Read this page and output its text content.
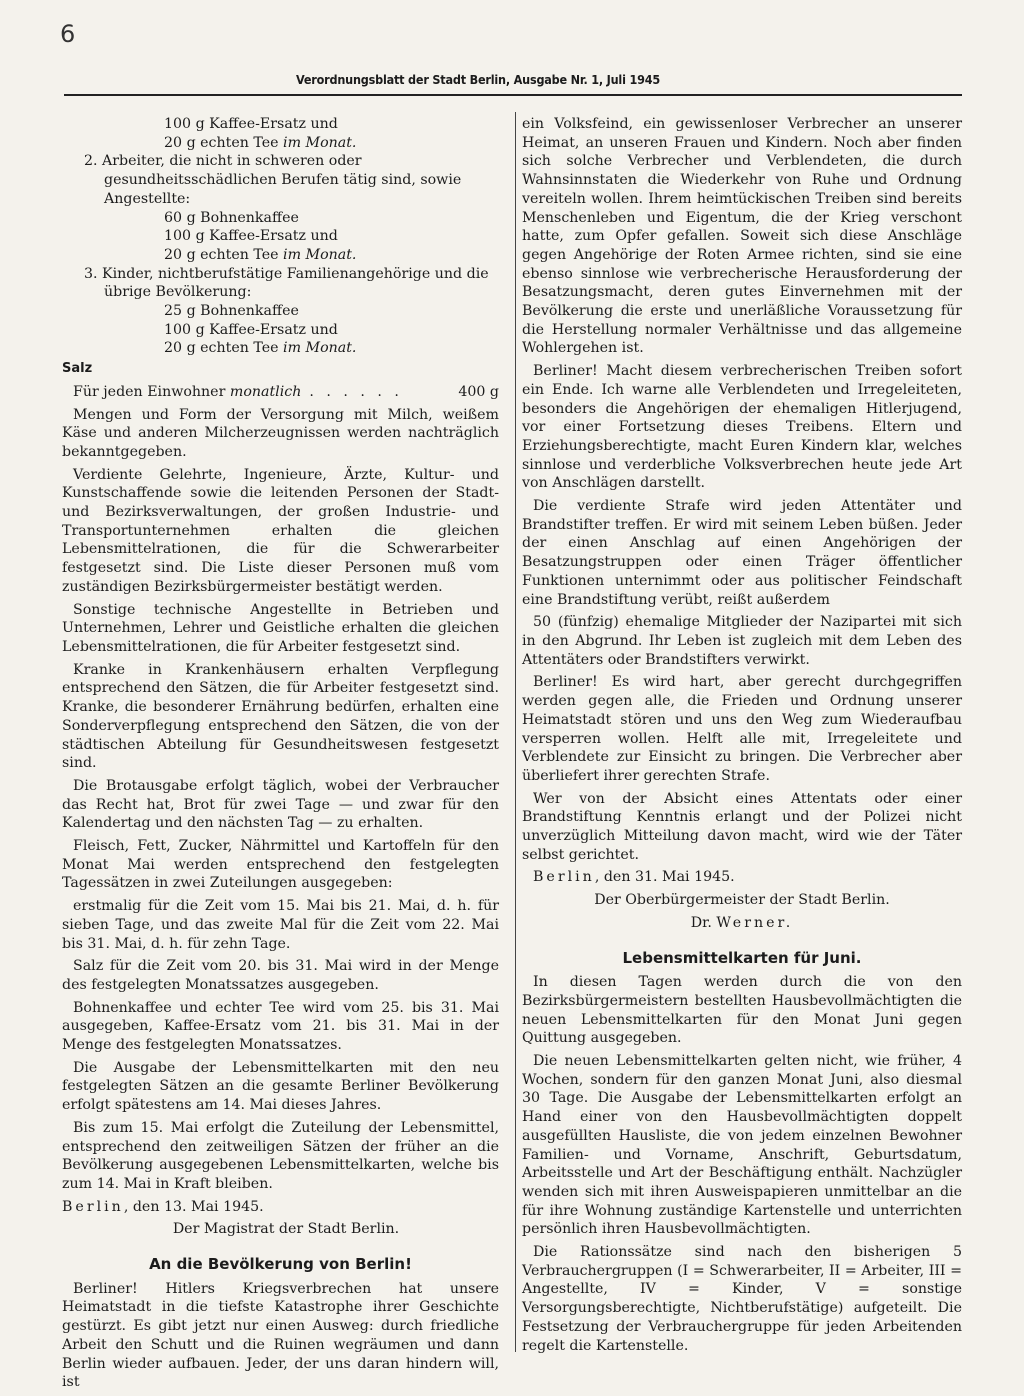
6
Verordnungsblatt der Stadt Berlin, Ausgabe Nr. 1, Juli 1945

100 g Kaffee-Ersatz und

20 g echten Tee im Monat.

2. Arbeiter, die nicht in schweren oder gesundheitsschädlichen Berufen tätig sind, sowie Angestellte:

60 g Bohnenkaffee

100 g Kaffee-Ersatz und

20 g echten Tee im Monat.

3. Kinder, nichtberufstätige Familienangehörige und die übrige Bevölkerung:

25 g Bohnenkaffee

100 g Kaffee-Ersatz und

20 g echten Tee im Monat.

Salz
Für jeden Einwohner monatlich . . . . . .	400 g

Mengen und Form der Versorgung mit Milch, weißem Käse und anderen Milcherzeugnissen werden nachträglich bekanntgegeben.

Verdiente Gelehrte, Ingenieure, Ärzte, Kultur- und Kunstschaffende sowie die leitenden Personen der Stadt- und Bezirksverwaltungen, der großen Industrie- und Transportunternehmen erhalten die gleichen Lebensmittelrationen, die für die Schwerarbeiter festgesetzt sind. Die Liste dieser Personen muß vom zuständigen Bezirksbürgermeister bestätigt werden.

Sonstige technische Angestellte in Betrieben und Unternehmen, Lehrer und Geistliche erhalten die gleichen Lebensmittelrationen, die für Arbeiter festgesetzt sind.

Kranke in Krankenhäusern erhalten Verpflegung entsprechend den Sätzen, die für Arbeiter festgesetzt sind. Kranke, die besonderer Ernährung bedürfen, erhalten eine Sonderverpflegung entsprechend den Sätzen, die von der städtischen Abteilung für Gesundheitswesen festgesetzt sind.

Die Brotausgabe erfolgt täglich, wobei der Verbraucher das Recht hat, Brot für zwei Tage — und zwar für den Kalendertag und den nächsten Tag — zu erhalten.

Fleisch, Fett, Zucker, Nährmittel und Kartoffeln für den Monat Mai werden entsprechend den festgelegten Tagessätzen in zwei Zuteilungen ausgegeben:

erstmalig für die Zeit vom 15. Mai bis 21. Mai, d. h. für sieben Tage, und das zweite Mal für die Zeit vom 22. Mai bis 31. Mai, d. h. für zehn Tage.

Salz für die Zeit vom 20. bis 31. Mai wird in der Menge des festgelegten Monatssatzes ausgegeben.

Bohnenkaffee und echter Tee wird vom 25. bis 31. Mai ausgegeben, Kaffee-Ersatz vom 21. bis 31. Mai in der Menge des festgelegten Monatssatzes.

Die Ausgabe der Lebensmittelkarten mit den neu festgelegten Sätzen an die gesamte Berliner Bevölkerung erfolgt spätestens am 14. Mai dieses Jahres.

Bis zum 15. Mai erfolgt die Zuteilung der Lebensmittel, entsprechend den zeitweiligen Sätzen der früher an die Bevölkerung ausgegebenen Lebensmittelkarten, welche bis zum 14. Mai in Kraft bleiben.

Berlin, den 13. Mai 1945.

Der Magistrat der Stadt Berlin.

An die Bevölkerung von Berlin!

Berliner! Hitlers Kriegsverbrechen hat unsere Heimatstadt in die tiefste Katastrophe ihrer Geschichte gestürzt. Es gibt jetzt nur einen Ausweg: durch friedliche Arbeit den Schutt und die Ruinen wegräumen und dann Berlin wieder aufbauen. Jeder, der uns daran hindern will, ist

ein Volksfeind, ein gewissenloser Verbrecher an unserer Heimat, an unseren Frauen und Kindern. Noch aber finden sich solche Verbrecher und Verblendeten, die durch Wahnsinnstaten die Wiederkehr von Ruhe und Ordnung vereiteln wollen. Ihrem heimtückischen Treiben sind bereits Menschenleben und Eigentum, die der Krieg verschont hatte, zum Opfer gefallen. Soweit sich diese Anschläge gegen Angehörige der Roten Armee richten, sind sie eine ebenso sinnlose wie verbrecherische Herausforderung der Besatzungsmacht, deren gutes Einvernehmen mit der Bevölkerung die erste und unerläßliche Voraussetzung für die Herstellung normaler Verhältnisse und das allgemeine Wohlergehen ist.

Berliner! Macht diesem verbrecherischen Treiben sofort ein Ende. Ich warne alle Verblendeten und Irregeleiteten, besonders die Angehörigen der ehemaligen Hitlerjugend, vor einer Fortsetzung dieses Treibens. Eltern und Erziehungsberechtigte, macht Euren Kindern klar, welches sinnlose und verderbliche Volksverbrechen heute jede Art von Anschlägen darstellt.

Die verdiente Strafe wird jeden Attentäter und Brandstifter treffen. Er wird mit seinem Leben büßen. Jeder der einen Anschlag auf einen Angehörigen der Besatzungstruppen oder einen Träger öffentlicher Funktionen unternimmt oder aus politischer Feindschaft eine Brandstiftung verübt, reißt außerdem

50 (fünfzig) ehemalige Mitglieder der Nazipartei mit sich in den Abgrund. Ihr Leben ist zugleich mit dem Leben des Attentäters oder Brandstifters verwirkt.

Berliner! Es wird hart, aber gerecht durchgegriffen werden gegen alle, die Frieden und Ordnung unserer Heimatstadt stören und uns den Weg zum Wiederaufbau versperren wollen. Helft alle mit, Irregeleitete und Verblendete zur Einsicht zu bringen. Die Verbrecher aber überliefert ihrer gerechten Strafe.

Wer von der Absicht eines Attentats oder einer Brandstiftung Kenntnis erlangt und der Polizei nicht unverzüglich Mitteilung davon macht, wird wie der Täter selbst gerichtet.

Berlin, den 31. Mai 1945.

Der Oberbürgermeister der Stadt Berlin.

Dr. Werner.

Lebensmittelkarten für Juni.

In diesen Tagen werden durch die von den Bezirksbürgermeistern bestellten Hausbevollmächtigten die neuen Lebensmittelkarten für den Monat Juni gegen Quittung ausgegeben.

Die neuen Lebensmittelkarten gelten nicht, wie früher, 4 Wochen, sondern für den ganzen Monat Juni, also diesmal 30 Tage. Die Ausgabe der Lebensmittelkarten erfolgt an Hand einer von den Hausbevollmächtigten doppelt ausgefüllten Hausliste, die von jedem einzelnen Bewohner Familien- und Vorname, Anschrift, Geburtsdatum, Arbeitsstelle und Art der Beschäftigung enthält. Nachzügler wenden sich mit ihren Ausweispapieren unmittelbar an die für ihre Wohnung zuständige Kartenstelle und unterrichten persönlich ihren Hausbevollmächtigten.

Die Rationssätze sind nach den bisherigen 5 Verbrauchergruppen (I = Schwerarbeiter, II = Arbeiter, III = Angestellte, IV = Kinder, V = sonstige Versorgungsberechtigte, Nichtberufstätige) aufgeteilt. Die Festsetzung der Verbrauchergruppe für jeden Arbeitenden regelt die Kartenstelle.
